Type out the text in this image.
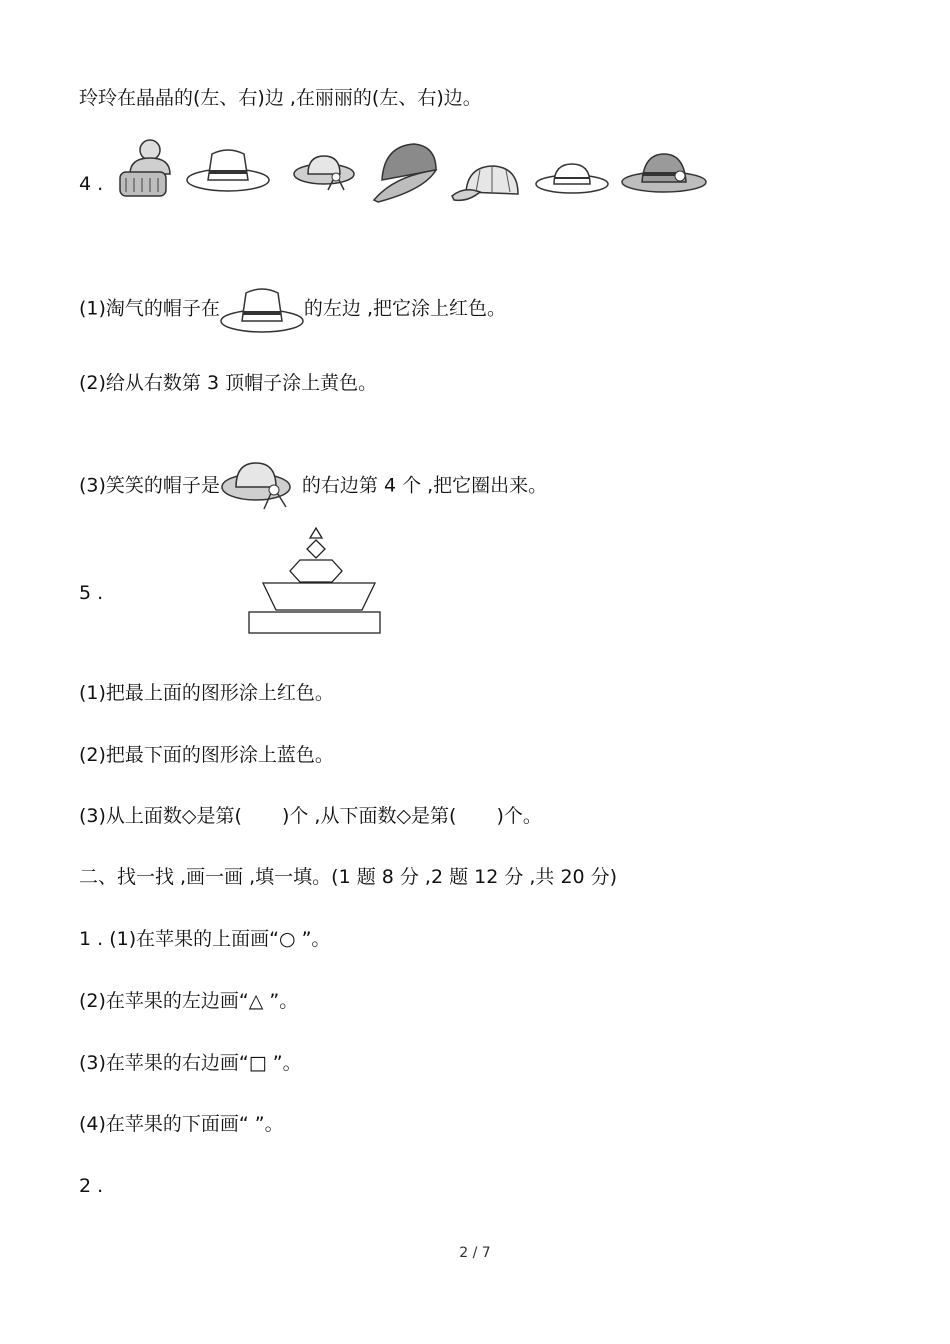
玲玲在晶晶的(左、右)边 ,在丽丽的(左、右)边。
4 .
(1)淘气的帽子在	的左边 ,把它涂上红色。
(2)给从右数第 3 顶帽子涂上黄色。
(3)笑笑的帽子是	的右边第 4 个 ,把它圈出来。
5 .
(1)把最上面的图形涂上红色。
(2)把最下面的图形涂上蓝色。
(3)从上面数◇是第( )个 ,从下面数◇是第( )个。
二、找一找 ,画一画 ,填一填。(1 题 8 分 ,2 题 12 分 ,共 20 分)
1 . (1)在苹果的上面画“○ ”。
(2)在苹果的左边画“△ ”。
(3)在苹果的右边画“□ ”。
(4)在苹果的下面画“ ”。
2 .
2 / 7
